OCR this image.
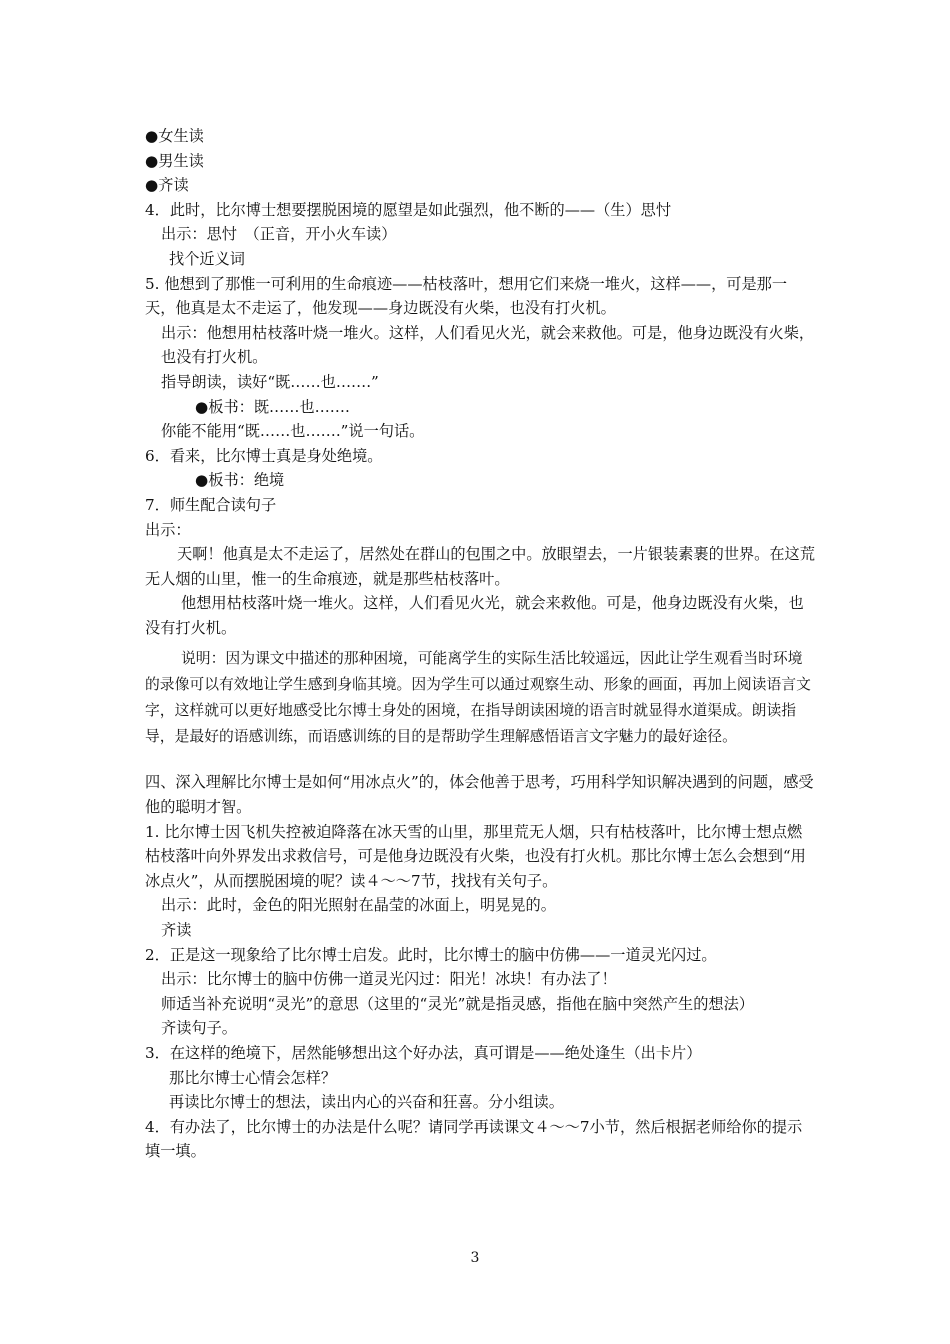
●女生读

●男生读

●齐读

4．此时，比尔博士想要摆脱困境的愿望是如此强烈，他不断的——（生）思忖

出示：思忖　（正音，开小火车读）

找个近义词

5. 他想到了那惟一可利用的生命痕迹——枯枝落叶，想用它们来烧一堆火，这样——，可是那一天，他真是太不走运了，他发现——身边既没有火柴，也没有打火机。

出示：他想用枯枝落叶烧一堆火。这样，人们看见火光，就会来救他。可是，他身边既没有火柴，也没有打火机。

指导朗读，读好“既……也…….”

●板书：既……也…….

你能不能用“既……也…….”说一句话。

6．看来，比尔博士真是身处绝境。

●板书：绝境

7．师生配合读句子

出示：

天啊！他真是太不走运了，居然处在群山的包围之中。放眼望去，一片银装素裹的世界。在这荒无人烟的山里，惟一的生命痕迹，就是那些枯枝落叶。

他想用枯枝落叶烧一堆火。这样，人们看见火光，就会来救他。可是，他身边既没有火柴，也没有打火机。

说明：因为课文中描述的那种困境，可能离学生的实际生活比较遥远，因此让学生观看当时环境的录像可以有效地让学生感到身临其境。因为学生可以通过观察生动、形象的画面，再加上阅读语言文字，这样就可以更好地感受比尔博士身处的困境，在指导朗读困境的语言时就显得水道渠成。朗读指导，是最好的语感训练，而语感训练的目的是帮助学生理解感悟语言文字魅力的最好途径。

四、深入理解比尔博士是如何“用冰点火”的，体会他善于思考，巧用科学知识解决遇到的问题，感受他的聪明才智。

1. 比尔博士因飞机失控被迫降落在冰天雪的山里，那里荒无人烟，只有枯枝落叶，比尔博士想点燃枯枝落叶向外界发出求救信号，可是他身边既没有火柴，也没有打火机。那比尔博士怎么会想到“用冰点火”，从而摆脱困境的呢？读４～～7节，找找有关句子。

出示：此时，金色的阳光照射在晶莹的冰面上，明晃晃的。

齐读

2．正是这一现象给了比尔博士启发。此时，比尔博士的脑中仿佛——一道灵光闪过。

出示：比尔博士的脑中仿佛一道灵光闪过：阳光！冰块！有办法了！

师适当补充说明“灵光”的意思（这里的“灵光”就是指灵感，指他在脑中突然产生的想法）

齐读句子。

3．在这样的绝境下，居然能够想出这个好办法，真可谓是——绝处逢生（出卡片）

那比尔博士心情会怎样？

再读比尔博士的想法，读出内心的兴奋和狂喜。分小组读。

4．有办法了，比尔博士的办法是什么呢？请同学再读课文４～～7小节，然后根据老师给你的提示填一填。

3
